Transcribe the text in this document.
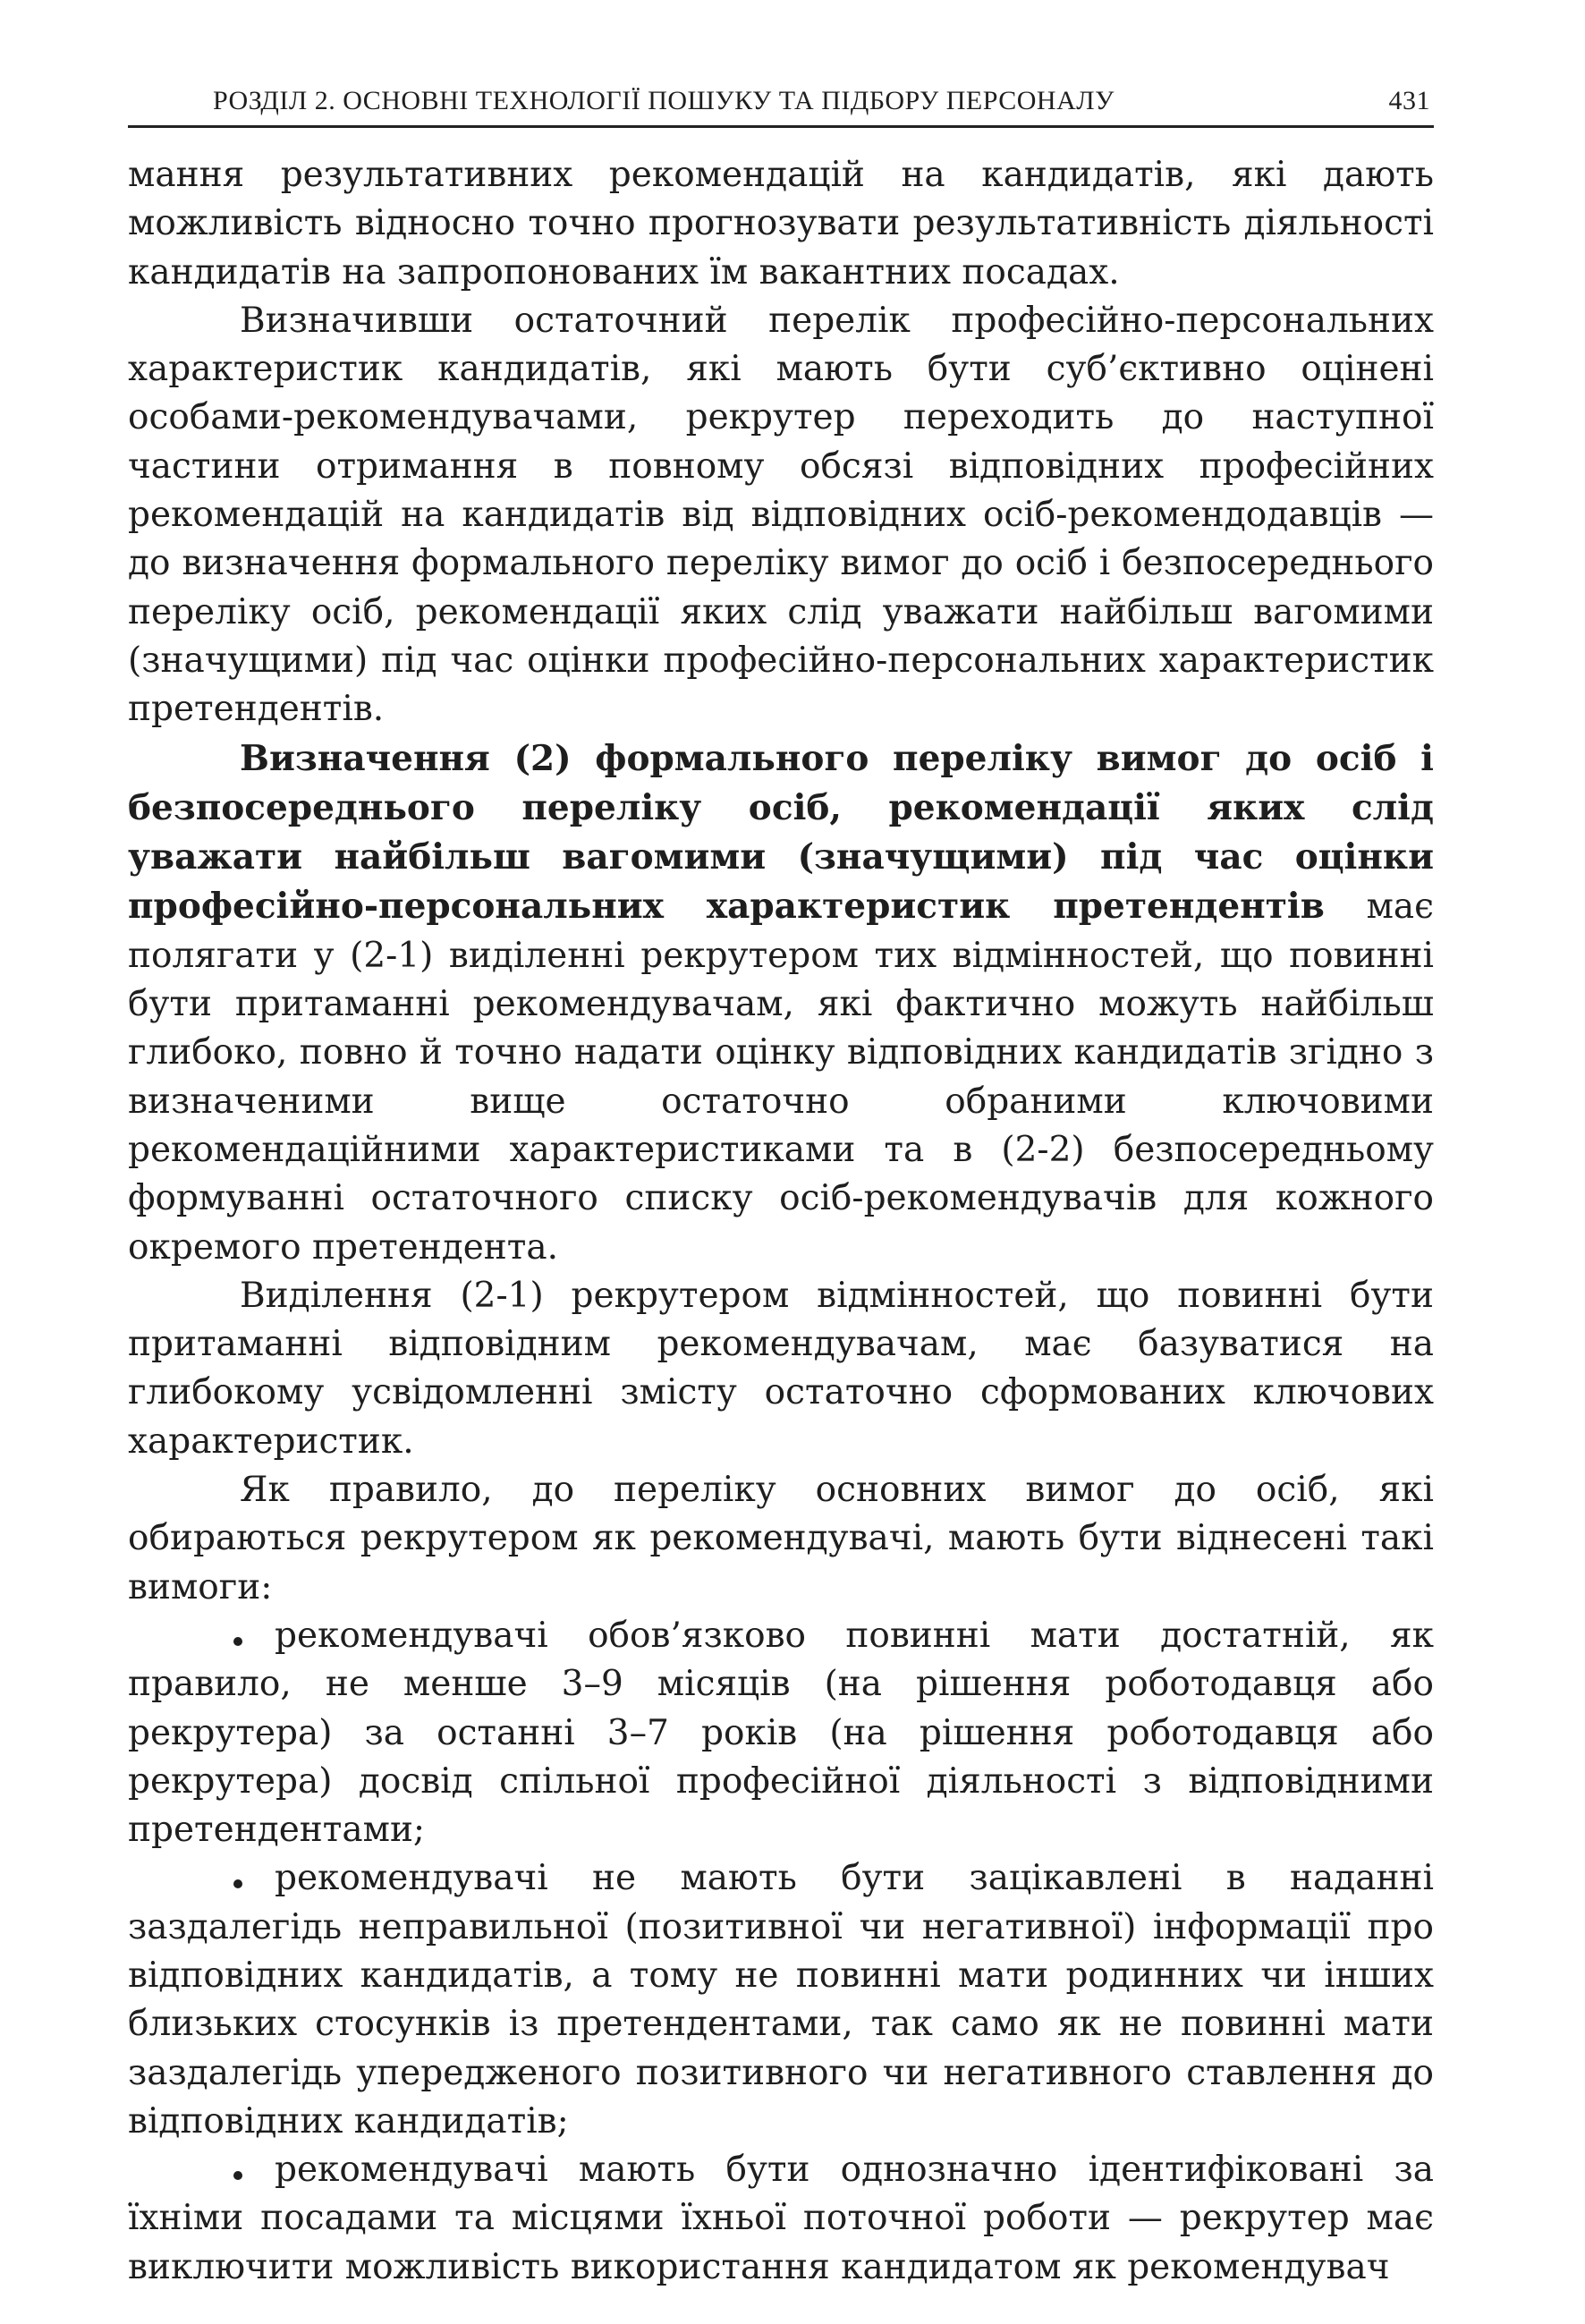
РОЗДІЛ 2. ОСНОВНІ ТЕХНОЛОГІЇ ПОШУКУ ТА ПІДБОРУ ПЕРСОНАЛУ	431

мання результативних рекомендацій на кандидатів, які дають можливість відносно точно прогнозувати результативність діяльності кандидатів на запропонованих їм вакантних посадах.

Визначивши остаточний перелік професійно-персональних характеристик кандидатів, які мають бути суб’єктивно оцінені особами-рекомендувачами, рекрутер переходить до наступної частини отримання в повному обсязі відповідних професійних рекомендацій на кандидатів від відповідних осіб-рекомендодавців — до визначення формального переліку вимог до осіб і безпосереднього переліку осіб, рекомендації яких слід уважати найбільш вагомими (значущими) під час оцінки професійно-персональних характеристик претендентів.

Визначення (2) формального переліку вимог до осіб і безпосереднього переліку осіб, рекомендації яких слід уважати найбільш вагомими (значущими) під час оцінки професійно-персональних характеристик претендентів має полягати у (2-1) виділенні рекрутером тих відмінностей, що повинні бути притаманні рекомендувачам, які фактично можуть найбільш глибоко, повно й точно надати оцінку відповідних кандидатів згідно з визначеними вище остаточно обраними ключовими рекомендаційними характеристиками та в (2-2) безпосередньому формуванні остаточного списку осіб-рекомендувачів для кожного окремого претендента.

Виділення (2-1) рекрутером відмінностей, що повинні бути притаманні відповідним рекомендувачам, має базуватися на глибокому усвідомленні змісту остаточно сформованих ключових характеристик.

Як правило, до переліку основних вимог до осіб, які обираються рекрутером як рекомендувачі, мають бути віднесені такі вимоги:

рекомендувачі обов’язково повинні мати достатній, як правило, не менше 3–9 місяців (на рішення роботодавця або рекрутера) за останні 3–7 років (на рішення роботодавця або рекрутера) досвід спільної професійної діяльності з відповідними претендентами;

рекомендувачі не мають бути зацікавлені в наданні заздалегідь неправильної (позитивної чи негативної) інформації про відповідних кандидатів, а тому не повинні мати родинних чи інших близьких стосунків із претендентами, так само як не повинні мати заздалегідь упередженого позитивного чи негативного ставлення до відповідних кандидатів;

рекомендувачі мають бути однозначно ідентифіковані за їхніми посадами та місцями їхньої поточної роботи — рекрутер має виключити можливість використання кандидатом як рекомендувач
